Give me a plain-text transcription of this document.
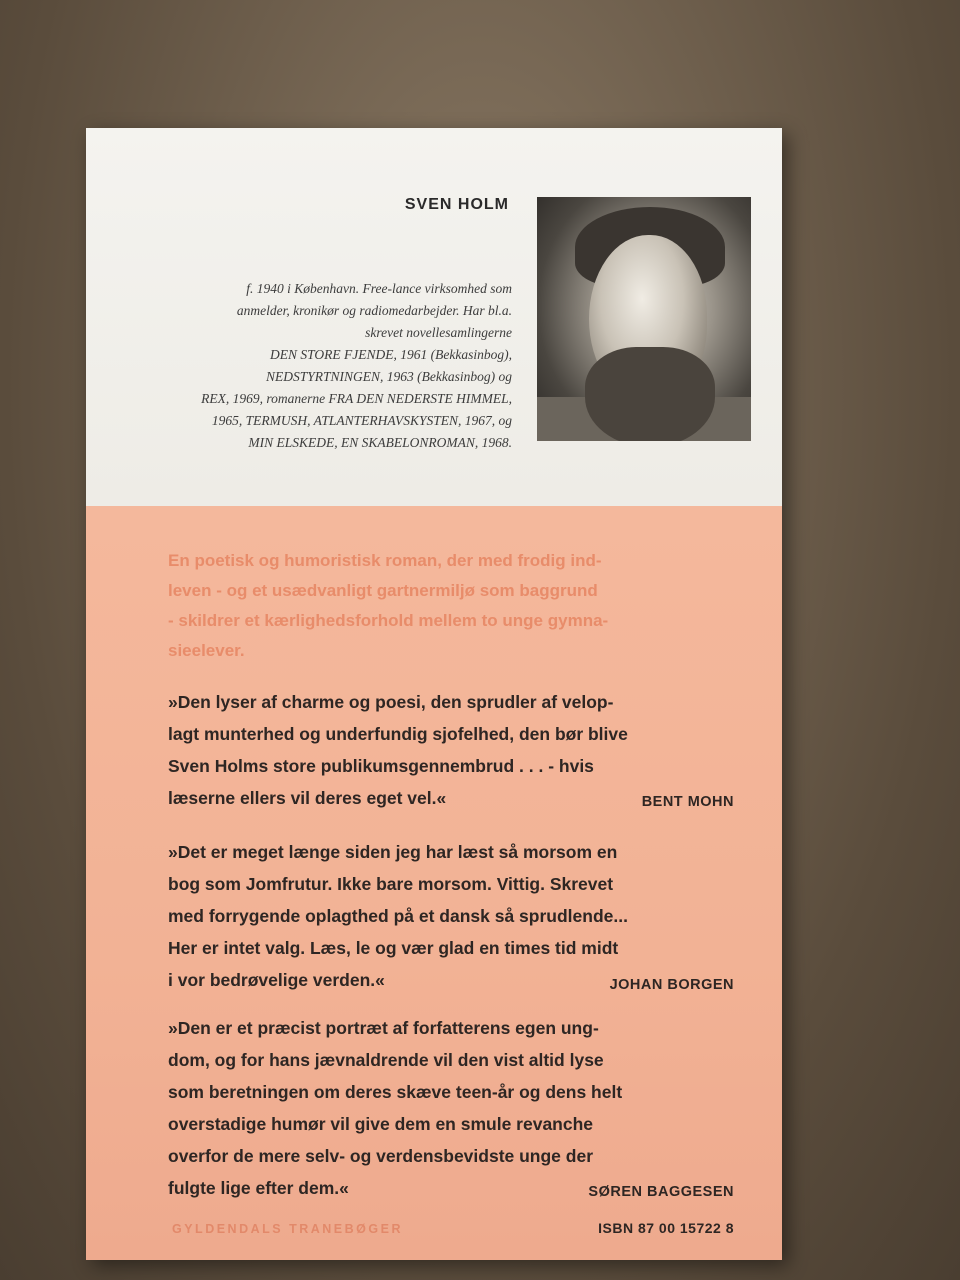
SVEN HOLM
f. 1940 i København. Free-lance virksomhed som
anmelder, kronikør og radiomedarbejder. Har bl.a.
skrevet novellesamlingerne
DEN STORE FJENDE, 1961 (Bekkasinbog),
NEDSTYRTNINGEN, 1963 (Bekkasinbog) og
REX, 1969, romanerne FRA DEN NEDERSTE HIMMEL,
1965, TERMUSH, ATLANTERHAVSKYSTEN, 1967, og
MIN ELSKEDE, EN SKABELONROMAN, 1968.
En poetisk og humoristisk roman, der med frodig ind-
leven - og et usædvanligt gartnermiljø som baggrund
- skildrer et kærlighedsforhold mellem to unge gymna-
sieelever.
»Den lyser af charme og poesi, den sprudler af velop-
lagt munterhed og underfundig sjofelhed, den bør blive
Sven Holms store publikumsgennembrud . . . - hvis
læserne ellers vil deres eget vel.«	BENT MOHN
»Det er meget længe siden jeg har læst så morsom en
bog som Jomfrutur. Ikke bare morsom. Vittig. Skrevet
med forrygende oplagthed på et dansk så sprudlende...
Her er intet valg. Læs, le og vær glad en times tid midt
i vor bedrøvelige verden.«	JOHAN BORGEN
»Den er et præcist portræt af forfatterens egen ung-
dom, og for hans jævnaldrende vil den vist altid lyse
som beretningen om deres skæve teen-år og dens helt
overstadige humør vil give dem en smule revanche
overfor de mere selv- og verdensbevidste unge der
fulgte lige efter dem.«	SØREN BAGGESEN
GYLDENDALS TRANEBØGER	ISBN 87 00 15722 8
